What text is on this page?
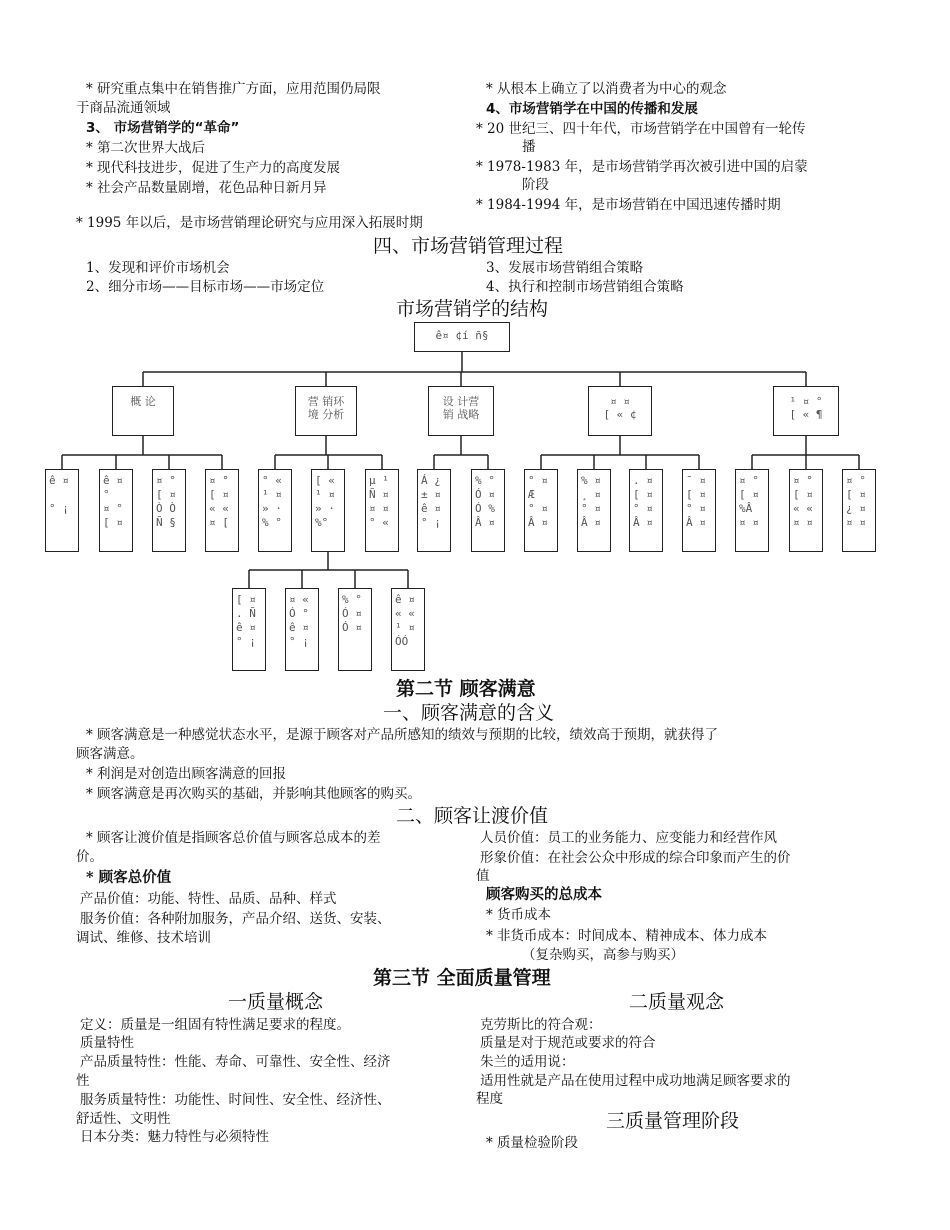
* 研究重点集中在销售推广方面，应用范围仍局限
于商品流通领域
3、 市场营销学的“革命”
* 第二次世界大战后
* 现代科技进步，促进了生产力的高度发展
* 社会产品数量剧增，花色品种日新月异
* 从根本上确立了以消费者为中心的观念
4、市场营销学在中国的传播和发展
* 20 世纪三、四十年代，市场营销学在中国曾有一轮传
播
* 1978-1983 年，是市场营销学再次被引进中国的启蒙
阶段
* 1984-1994 年，是市场营销在中国迅速传播时期
* 1995 年以后，是市场营销理论研究与应用深入拓展时期
四、市场营销管理过程
1、发现和评价市场机会
2、细分市场——目标市场——市场定位
3、发展市场营销组合策略
4、执行和控制市场营销组合策略
市场营销学的结构
ê¤ ¢í ñ§
概 论	营 销环
境 分析
设 计营
销 战略
¤ ¤
[ « ¢
¹ ¤ °
[ « ¶
ê ¤

° ¡
ê ¤
°
¤ °
[ ¤
¤ °
[ ¤
Ò Ò
Ñ §
¤ °
[ ¤
« «
¤ [
° «
¹ ¤
» ·
% °
[ «
¹ ¤
» ·
%°
μ ¹
Ñ ¤
¤ ¤
° «
Á ¿
± ¤
ê ¤
° ¡
% °
Ó ¤
Ó %
Â ¤
° ¤
Æ
° ¤
Â ¤
% ¤
¸ ¤
° ¤
Â ¤
. ¤
[ ¤
° ¤
Â ¤
¯ ¤
[ ¤
° ¤
Â ¤
¤ °
[ ¤
%Â
¤ ¤
¤ °
[ ¤
« «
¤ ¤
¤ °
[ ¤
¿ ¤
¤ ¤
[ ¤
. Ñ
ê ¤
° ¡
¤ «
Ó °
ê ¤
° ¡
% °
Ó ¤
Ó ¤

ê ¤
« «
¹ ¤
ÓÓ
第二节 顾客满意
一、顾客满意的含义
* 顾客满意是一种感觉状态水平，是源于顾客对产品所感知的绩效与预期的比较，绩效高于预期，就获得了
顾客满意。
* 利润是对创造出顾客满意的回报
* 顾客满意是再次购买的基础，并影响其他顾客的购买。
二、顾客让渡价值
* 顾客让渡价值是指顾客总价值与顾客总成本的差
价。
* 顾客总价值
产品价值：功能、特性、品质、品种、样式
服务价值：各种附加服务，产品介绍、送货、安装、
调试、维修、技术培训
人员价值：员工的业务能力、应变能力和经营作风
形象价值：在社会公众中形成的综合印象而产生的价
值
顾客购买的总成本
* 货币成本
* 非货币成本：时间成本、精神成本、体力成本
（复杂购买，高参与购买）
第三节 全面质量管理
一质量概念	二质量观念
定义：质量是一组固有特性满足要求的程度。
质量特性
产品质量特性：性能、寿命、可靠性、安全性、经济
性
服务质量特性：功能性、时间性、安全性、经济性、
舒适性、文明性
日本分类：魅力特性与必须特性
克劳斯比的符合观：
质量是对于规范或要求的符合
朱兰的适用说：
适用性就是产品在使用过程中成功地满足顾客要求的
程度
三质量管理阶段
* 质量检验阶段
